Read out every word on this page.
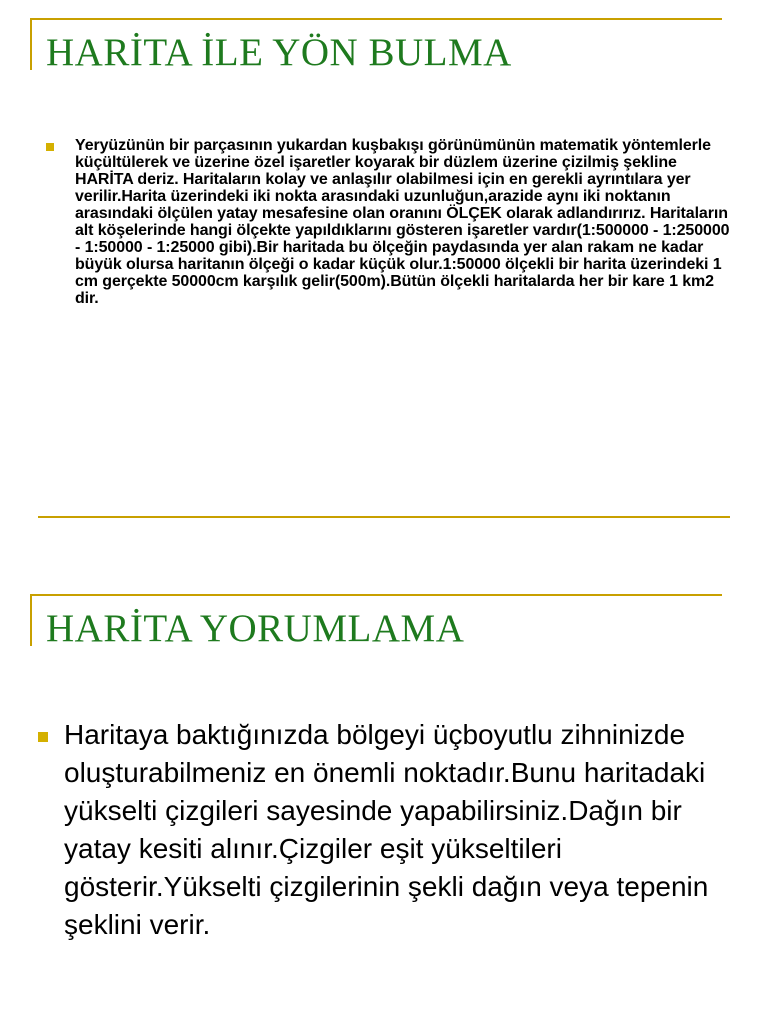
HARİTA İLE YÖN BULMA

Yeryüzünün bir parçasının yukardan kuşbakışı görünümünün matematik yöntemlerle küçültülerek ve üzerine özel işaretler koyarak bir düzlem üzerine çizilmiş şekline HARİTA deriz. Haritaların kolay ve anlaşılır olabilmesi için en gerekli ayrıntılara yer verilir.Harita üzerindeki iki nokta arasındaki uzunluğun,arazide aynı iki noktanın arasındaki ölçülen yatay mesafesine olan oranını ÖLÇEK olarak adlandırırız. Haritaların alt köşelerinde hangi ölçekte yapıldıklarını gösteren işaretler vardır(1:500000 - 1:250000 - 1:50000 - 1:25000 gibi).Bir haritada bu ölçeğin paydasında yer alan rakam ne kadar büyük olursa haritanın ölçeği o kadar küçük olur.1:50000 ölçekli bir harita üzerindeki 1 cm gerçekte 50000cm karşılık gelir(500m).Bütün ölçekli haritalarda her bir kare 1 km2 dir.

HARİTA YORUMLAMA

Haritaya baktığınızda bölgeyi üçboyutlu zihninizde oluşturabilmeniz en önemli noktadır.Bunu haritadaki yükselti çizgileri sayesinde yapabilirsiniz.Dağın bir yatay kesiti alınır.Çizgiler eşit yükseltileri gösterir.Yükselti çizgilerinin şekli dağın veya tepenin şeklini verir.
